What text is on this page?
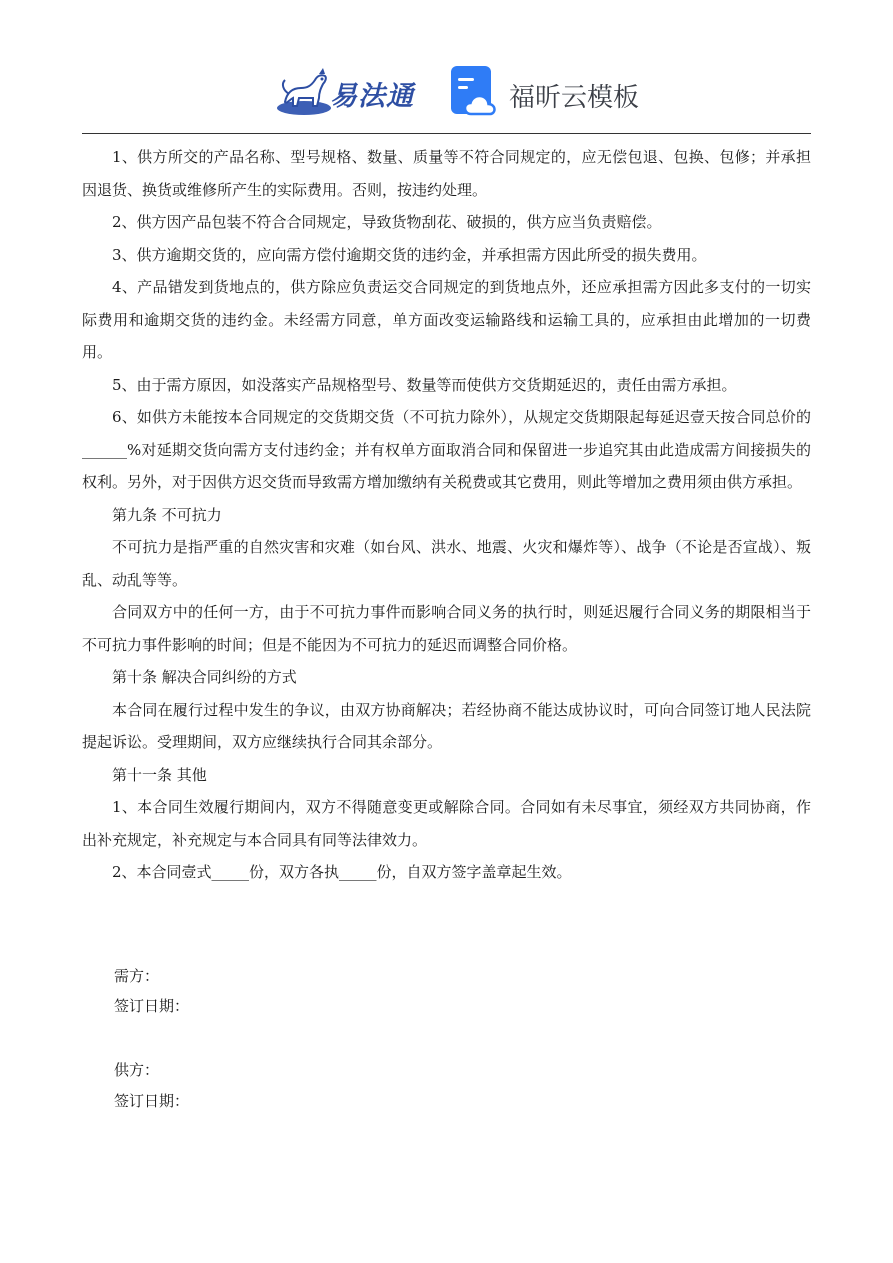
易法通	福昕云模板

1、供方所交的产品名称、型号规格、数量、质量等不符合同规定的，应无偿包退、包换、包修；并承担因退货、换货或维修所产生的实际费用。否则，按违约处理。

2、供方因产品包装不符合合同规定，导致货物刮花、破损的，供方应当负责赔偿。

3、供方逾期交货的，应向需方偿付逾期交货的违约金，并承担需方因此所受的损失费用。

4、产品错发到货地点的，供方除应负责运交合同规定的到货地点外，还应承担需方因此多支付的一切实际费用和逾期交货的违约金。未经需方同意，单方面改变运输路线和运输工具的，应承担由此增加的一切费用。

5、由于需方原因，如没落实产品规格型号、数量等而使供方交货期延迟的，责任由需方承担。

6、如供方未能按本合同规定的交货期交货（不可抗力除外），从规定交货期限起每延迟壹天按合同总价的______%对延期交货向需方支付违约金；并有权单方面取消合同和保留进一步追究其由此造成需方间接损失的权利。另外，对于因供方迟交货而导致需方增加缴纳有关税费或其它费用，则此等增加之费用须由供方承担。

第九条 不可抗力

不可抗力是指严重的自然灾害和灾难（如台风、洪水、地震、火灾和爆炸等）、战争（不论是否宣战）、叛乱、动乱等等。

合同双方中的任何一方，由于不可抗力事件而影响合同义务的执行时，则延迟履行合同义务的期限相当于不可抗力事件影响的时间；但是不能因为不可抗力的延迟而调整合同价格。

第十条 解决合同纠纷的方式

本合同在履行过程中发生的争议，由双方协商解决；若经协商不能达成协议时，可向合同签订地人民法院提起诉讼。受理期间，双方应继续执行合同其余部分。

第十一条 其他

1、本合同生效履行期间内，双方不得随意变更或解除合同。合同如有未尽事宜，须经双方共同协商，作出补充规定，补充规定与本合同具有同等法律效力。

2、本合同壹式_____份，双方各执_____份，自双方签字盖章起生效。

需方：
签订日期：
供方：
签订日期：
